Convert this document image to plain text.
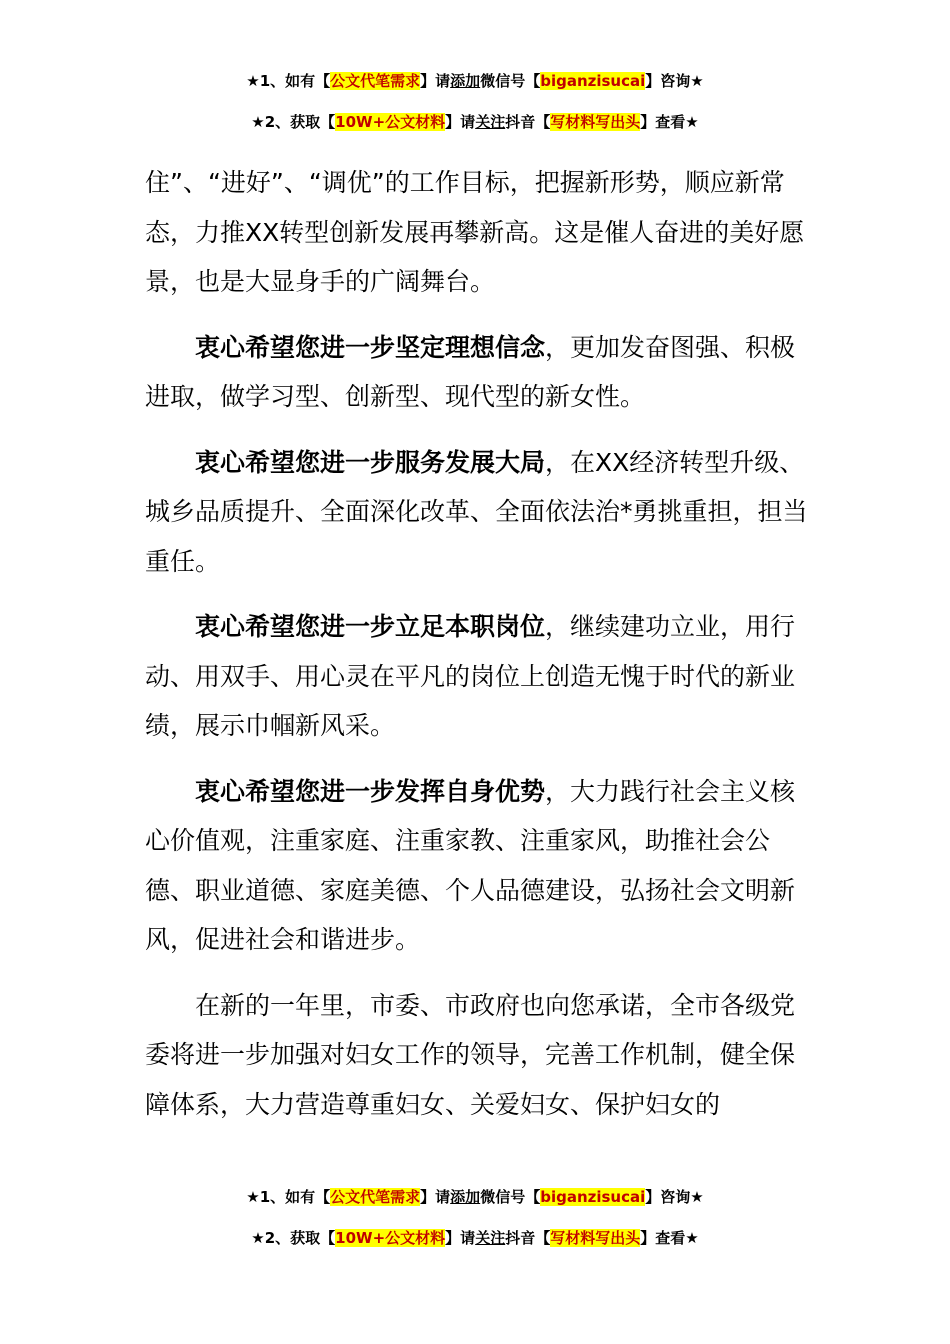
★1、如有【公文代笔需求】请添加微信号【biganzisucai】咨询★
★2、获取【10W+公文材料】请关注抖音【写材料写出头】查看★

住”、“进好”、“调优”的工作目标，把握新形势，顺应新常态，力推XX转型创新发展再攀新高。这是催人奋进的美好愿景，也是大显身手的广阔舞台。

衷心希望您进一步坚定理想信念，更加发奋图强、积极进取，做学习型、创新型、现代型的新女性。

衷心希望您进一步服务发展大局，在XX经济转型升级、城乡品质提升、全面深化改革、全面依法治*勇挑重担，担当重任。

衷心希望您进一步立足本职岗位，继续建功立业，用行动、用双手、用心灵在平凡的岗位上创造无愧于时代的新业绩，展示巾帼新风采。

衷心希望您进一步发挥自身优势，大力践行社会主义核心价值观，注重家庭、注重家教、注重家风，助推社会公德、职业道德、家庭美德、个人品德建设，弘扬社会文明新风，促进社会和谐进步。

在新的一年里，市委、市政府也向您承诺，全市各级党委将进一步加强对妇女工作的领导，完善工作机制，健全保障体系，大力营造尊重妇女、关爱妇女、保护妇女的

★1、如有【公文代笔需求】请添加微信号【biganzisucai】咨询★
★2、获取【10W+公文材料】请关注抖音【写材料写出头】查看★
